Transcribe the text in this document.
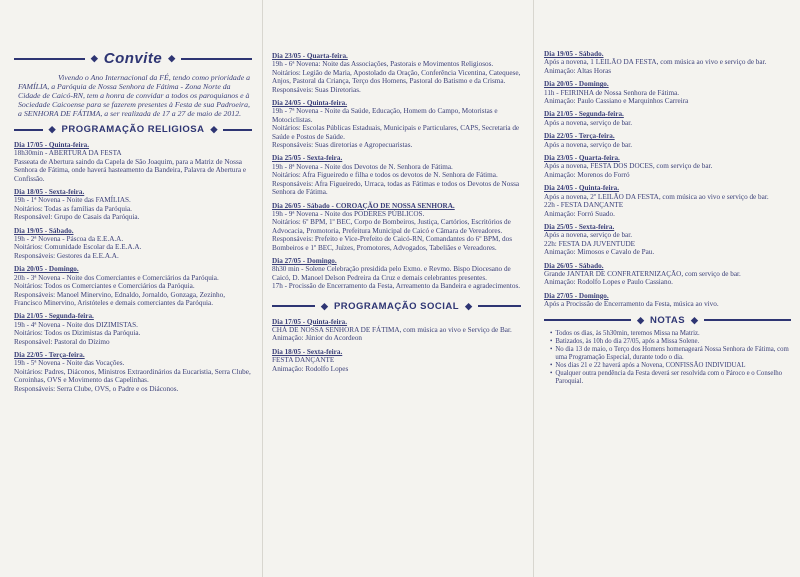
◆ Convite ◆
Vivendo o Ano Internacional da FÉ, tendo como prioridade a FAMÍLIA, a Paróquia de Nossa Senhora de Fátima - Zona Norte da Cidade de Caicó-RN, tem a honra de convidar a todos os paroquianos e à Sociedade Caicoense para se fazerem presentes à Festa de sua Padroeira, a SENHORA DE FÁTIMA, a ser realizada de 17 a 27 de maio de 2012.
◆ PROGRAMAÇÃO RELIGIOSA ◆
Dia 17/05 - Quinta-feira.
18h30min - ABERTURA DA FESTA
Passeata de Abertura saindo da Capela de São Joaquim, para a Matriz de Nossa Senhora de Fátima, onde haverá hasteamento da Bandeira, Palavra de Abertura e Confissão.
Dia 18/05 - Sexta-feira.
19h - 1ª Novena - Noite das FAMÍLIAS.
Noitários: Todas as famílias da Paróquia.
Responsável: Grupo de Casais da Paróquia.
Dia 19/05 - Sábado.
19h - 2ª Novena - Páscoa da E.E.A.A.
Noitários: Comunidade Escolar da E.E.A.A.
Responsáveis: Gestores da E.E.A.A.
Dia 20/05 - Domingo.
20h - 3ª Novena - Noite dos Comerciantes e Comerciários da Paróquia.
Noitários: Todos os Comerciantes e Comerciários da Paróquia.
Responsáveis: Manoel Minervino, Ednaldo, Jornaldo, Gonzaga, Zezinho, Francisco Minervino, Aristóteles e demais comerciantes da Paróquia.
Dia 21/05 - Segunda-feira.
19h - 4ª Novena - Noite dos DIZIMISTAS.
Noitários: Todos os Dizimistas da Paróquia.
Responsável: Pastoral do Dízimo
Dia 22/05 - Terça-feira.
19h - 5ª Novena - Noite das Vocações.
Noitários: Padres, Diáconos, Ministros Extraordinários da Eucaristia, Serra Clube, Coroinhas, OVS e Movimento das Capelinhas.
Responsáveis: Serra Clube, OVS, o Padre e os Diáconos.
Dia 23/05 - Quarta-feira.
19h - 6ª Novena: Noite das Associações, Pastorais e Movimentos Religiosos.
Noitários: Legião de Maria, Apostolado da Oração, Conferência Vicentina, Catequese, Anjos, Pastoral da Criança, Terço dos Homens, Pastoral do Batismo e da Crisma.
Responsáveis: Suas Diretorias.
Dia 24/05 - Quinta-feira.
19h - 7ª Novena - Noite da Saúde, Educação, Homem do Campo, Motoristas e Motociclistas.
Noitários: Escolas Públicas Estaduais, Municipais e Particulares, CAPS, Secretaria de Saúde e Postos de Saúde.
Responsáveis: Suas diretorias e Agropecuaristas.
Dia 25/05 - Sexta-feira.
19h - 8ª Novena - Noite dos Devotos de N. Senhora de Fátima.
Noitários: Afra Figueiredo e filha e todos os devotos de N. Senhora de Fátima.
Responsáveis: Afra Figueiredo, Urraca, todas as Fátimas e todos os Devotos de Nossa Senhora de Fátima.
Dia 26/05 - Sábado - COROAÇÃO DE NOSSA SENHORA.
19h - 9ª Novena - Noite dos PODERES PÚBLICOS.
Noitários: 6º BPM, 1º BEC, Corpo de Bombeiros, Justiça, Cartórios, Escritórios de Advocacia, Promotoria, Prefeitura Municipal de Caicó e Câmara de Vereadores.
Responsáveis: Prefeito e Vice-Prefeito de Caicó-RN, Comandantes do 6º BPM, dos Bombeiros e 1º BEC, Juízes, Promotores, Advogados, Tabeliães e Vereadores.
Dia 27/05 - Domingo.
8h30 min - Solene Celebração presidida pelo Exmo. e Revmo. Bispo Diocesano de Caicó, D. Manoel Delson Pedreira da Cruz e demais celebrantes presentes.
17h - Procissão de Encerramento da Festa, Arreamento da Bandeira e agradecimentos.
◆ PROGRAMAÇÃO SOCIAL ◆
Dia 17/05 - Quinta-feira.
CHÁ DE NOSSA SENHORA DE FÁTIMA, com música ao vivo e Serviço de Bar.
Animação: Júnior do Acordeon
Dia 18/05 - Sexta-feira.
FESTA DANÇANTE
Animação: Rodolfo Lopes
Dia 19/05 - Sábado.
Após a novena, 1 LEILÃO DA FESTA, com música ao vivo e serviço de bar.
Animação: Altas Horas
Dia 20/05 - Domingo.
11h - FEIRINHA de Nossa Senhora de Fátima.
Animação: Paulo Cassiano e Marquinhos Carreira
Dia 21/05 - Segunda-feira.
Após a novena, serviço de bar.
Dia 22/05 - Terça-feira.
Após a novena, serviço de bar.
Dia 23/05 - Quarta-feira.
Após a novena, FESTA DOS DOCES, com serviço de bar.
Animação: Morenos do Forró
Dia 24/05 - Quinta-feira.
Após a novena, 2º LEILÃO DA FESTA, com música ao vivo e serviço de bar.
22h - FESTA DANÇANTE
Animação: Forró Suado.
Dia 25/05 - Sexta-feira.
Após a novena, serviço de bar.
22h: FESTA DA JUVENTUDE
Animação: Mimosos e Cavalo de Pau.
Dia 26/05 - Sábado.
Grande JANTAR DE CONFRATERNIZAÇÃO, com serviço de bar.
Animação: Rodolfo Lopes e Paulo Cassiano.
Dia 27/05 - Domingo.
Após a Procissão de Encerramento da Festa, música ao vivo.
◆ NOTAS ◆
• Todos os dias, às 5h30min, teremos Missa na Matriz.
• Batizados, às 10h do dia 27/05, após a Missa Solene.
• No dia 13 de maio, o Terço dos Homens homenageará Nossa Senhora de Fátima, com uma Programação Especial, durante todo o dia.
• Nos dias 21 e 22 haverá após a Novena, CONFISSÃO INDIVIDUAL
• Qualquer outra pendência da Festa deverá ser resolvida com o Pároco e o Conselho Paroquial.
